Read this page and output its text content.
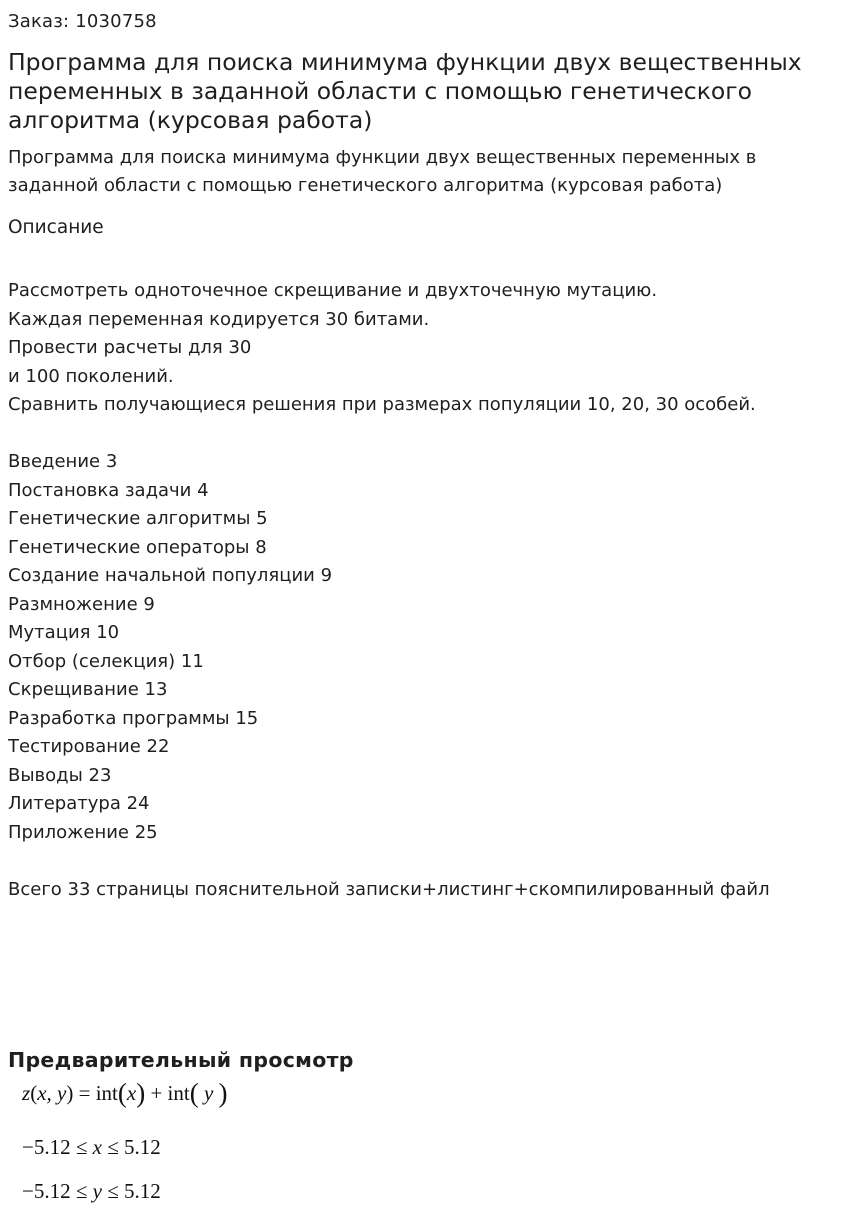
Заказ: 1030758
Программа для поиска минимума функции двух вещественных переменных в заданной области с помощью генетического алгоритма (курсовая работа)

Программа для поиска минимума функции двух вещественных переменных в заданной области с помощью генетического алгоритма (курсовая работа)

Описание
Рассмотреть одноточечное скрещивание и двухточечную мутацию.
Каждая переменная кодируется 30 битами.
Провести расчеты для 30
и 100 поколений.
Сравнить получающиеся решения при размерах популяции 10, 20, 30 особей.
Введение 3
Постановка задачи 4
Генетические алгоритмы 5
Генетические операторы 8
Создание начальной популяции 9
Размножение 9
Мутация 10
Отбор (селекция) 11
Скрещивание 13
Разработка программы 15
Тестирование 22
Выводы 23
Литература 24
Приложение 25
Всего 33 страницы пояснительной записки+листинг+скомпилированный файл
Предварительный просмотр
z(x, y) = int(x) + int( y )
−5.12 ≤ x ≤ 5.12
−5.12 ≤ y ≤ 5.12
